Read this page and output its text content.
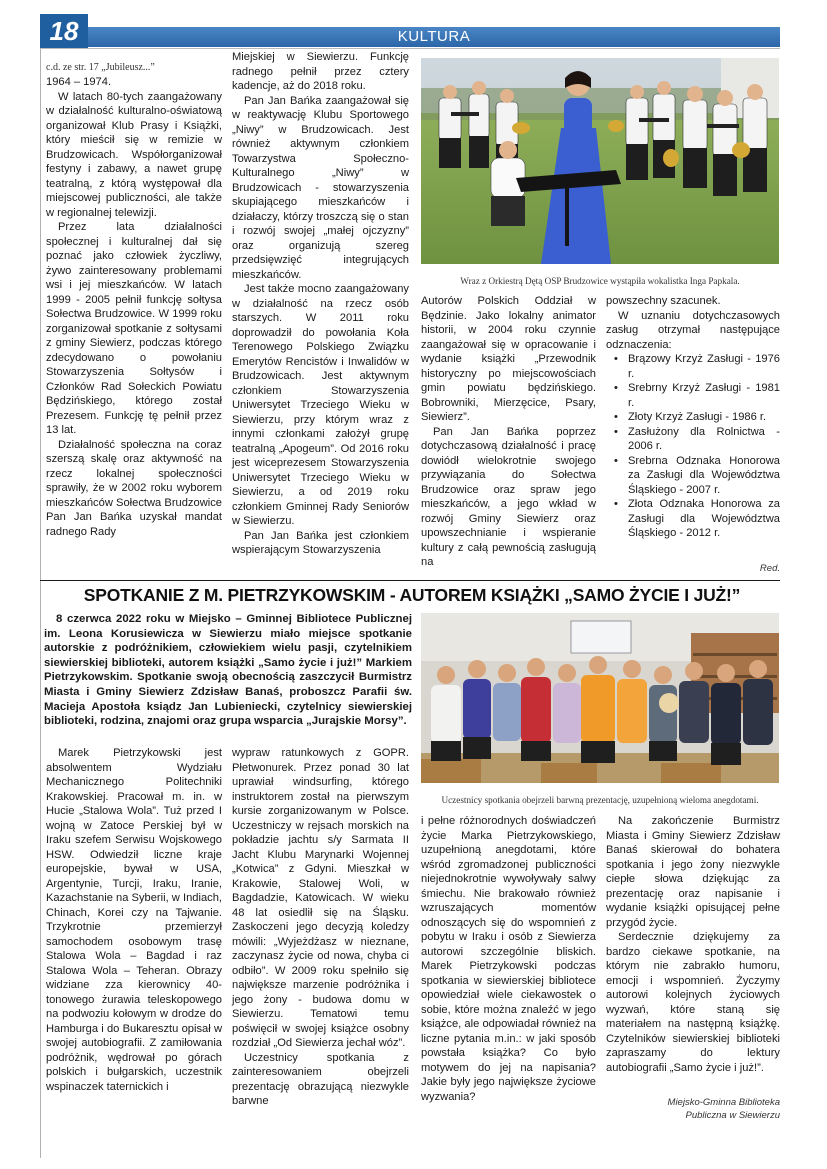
18	KULTURA
c.d. ze str. 17 „Jubileusz...”

1964 – 1974.

W latach 80-tych zaangażowany w działalność kulturalno-oświatową organizował Klub Prasy i Książki, który mieścił się w remizie w Brudzowicach. Współorganizował festyny i zabawy, a nawet grupę teatralną, z którą występował dla miejscowej publiczności, ale także w regionalnej telewizji.

Przez lata działalności społecznej i kulturalnej dał się poznać jako człowiek życzliwy, żywo zainteresowany problemami wsi i jej mieszkańców. W latach 1999 - 2005 pełnił funkcję sołtysa Sołectwa Brudzowice. W 1999 roku zorganizował spotkanie z sołtysami z gminy Siewierz, podczas którego zdecydowano o powołaniu Stowarzyszenia Sołtysów i Członków Rad Sołeckich Powiatu Będzińskiego, którego został Prezesem. Funkcję tę pełnił przez 13 lat.

Działalność społeczna na coraz szerszą skalę oraz aktywność na rzecz lokalnej społeczności sprawiły, że w 2002 roku wyborem mieszkańców Sołectwa Brudzowice Pan Jan Bańka uzyskał mandat radnego Rady

Miejskiej w Siewierzu. Funkcję radnego pełnił przez cztery kadencje, aż do 2018 roku.

Pan Jan Bańka zaangażował się w reaktywację Klubu Sportowego „Niwy” w Brudzowicach. Jest również aktywnym członkiem Towarzystwa Społeczno-Kulturalnego „Niwy” w Brudzowicach - stowarzyszenia skupiającego mieszkańców i działaczy, którzy troszczą się o stan i rozwój swojej „małej ojczyzny” oraz organizują szereg przedsięwzięć integrujących mieszkańców.

Jest także mocno zaangażowany w działalność na rzecz osób starszych. W 2011 roku doprowadził do powołania Koła Terenowego Polskiego Związku Emerytów Rencistów i Inwalidów w Brudzowicach. Jest aktywnym członkiem Stowarzyszenia Uniwersytet Trzeciego Wieku w Siewierzu, przy którym wraz z innymi członkami założył grupę teatralną „Apogeum”. Od 2016 roku jest wiceprezesem Stowarzyszenia Uniwersytet Trzeciego Wieku w Siewierzu, a od 2019 roku członkiem Gminnej Rady Seniorów w Siewierzu.

Pan Jan Bańka jest członkiem wspierającym Stowarzyszenia

Wraz z Orkiestrą Dętą OSP Brudzowice wystąpiła wokalistka Inga Papkala.

Autorów Polskich Oddział w Będzinie. Jako lokalny animator historii, w 2004 roku czynnie zaangażował się w opracowanie i wydanie książki „Przewodnik historyczny po miejscowościach gmin powiatu będzińskiego. Bobrowniki, Mierzęcice, Psary, Siewierz”.

Pan Jan Bańka poprzez dotychczasową działalność i pracę dowiódł wielokrotnie swojego przywiązania do Sołectwa Brudzowice oraz spraw jego mieszkańców, a jego wkład w rozwój Gminy Siewierz oraz upowszechnianie i wspieranie kultury z całą pewnością zasługują na

powszechny szacunek.

W uznaniu dotychczasowych zasług otrzymał następujące odznaczenia:

• Brązowy Krzyż Zasługi - 1976 r.
• Srebrny Krzyż Zasługi - 1981 r.
• Złoty Krzyż Zasługi - 1986 r.
• Zasłużony dla Rolnictwa - 2006 r.
• Srebrna Odznaka Honorowa za Zasługi dla Województwa Śląskiego - 2007 r.
• Złota Odznaka Honorowa za Zasługi dla Województwa Śląskiego - 2012 r.
Red.
SPOTKANIE Z M. PIETRZYKOWSKIM - AUTOREM KSIĄŻKI „SAMO ŻYCIE I JUŻ!”

8 czerwca 2022 roku w Miejsko – Gminnej Bibliotece Publicznej im. Leona Korusiewicza w Siewierzu miało miejsce spotkanie autorskie z podróżnikiem, człowiekiem wielu pasji, czytelnikiem siewierskiej biblioteki, autorem książki „Samo życie i już!” Markiem Pietrzykowskim. Spotkanie swoją obecnością zaszczycił Burmistrz Miasta i Gminy Siewierz Zdzisław Banaś, proboszcz Parafii św. Macieja Apostoła ksiądz Jan Lubieniecki, czytelnicy siewierskiej biblioteki, rodzina, znajomi oraz grupa wsparcia „Jurajskie Morsy”.

Marek Pietrzykowski jest absolwentem Wydziału Mechanicznego Politechniki Krakowskiej. Pracował m. in. w Hucie „Stalowa Wola”. Tuż przed I wojną w Zatoce Perskiej był w Iraku szefem Serwisu Wojskowego HSW. Odwiedził liczne kraje europejskie, bywał w USA, Argentynie, Turcji, Iraku, Iranie, Kazachstanie na Syberii, w Indiach, Chinach, Korei czy na Tajwanie. Trzykrotnie przemierzył samochodem osobowym trasę Stalowa Wola – Bagdad i raz Stalowa Wola – Teheran. Obrazy widziane zza kierownicy 40-tonowego żurawia teleskopowego na podwoziu kołowym w drodze do Hamburga i do Bukaresztu opisał w swojej autobiografii. Z zamiłowania podróżnik, wędrował po górach polskich i bułgarskich, uczestnik wspinaczek taternickich i

wypraw ratunkowych z GOPR. Płetwonurek. Przez ponad 30 lat uprawiał windsurfing, którego instruktorem został na pierwszym kursie zorganizowanym w Polsce. Uczestniczy w rejsach morskich na pokładzie jachtu s/y Sarmata II Jacht Klubu Marynarki Wojennej „Kotwica” z Gdyni. Mieszkał w Krakowie, Stalowej Woli, w Bagdadzie, Katowicach. W wieku 48 lat osiedlił się na Śląsku. Zaskoczeni jego decyzją koledzy mówili: „Wyjeżdżasz w nieznane, zaczynasz życie od nowa, chyba ci odbiło”. W 2009 roku spełniło się największe marzenie podróżnika i jego żony - budowa domu w Siewierzu. Tematowi temu poświęcił w swojej książce osobny rozdział „Od Siewierza jechał wóz”.

Uczestnicy spotkania z zainteresowaniem obejrzeli prezentację obrazującą niezwykle barwne

Uczestnicy spotkania obejrzeli barwną prezentację, uzupełnioną wieloma anegdotami.

i pełne różnorodnych doświadczeń życie Marka Pietrzykowskiego, uzupełnioną anegdotami, które wśród zgromadzonej publiczności niejednokrotnie wywoływały salwy śmiechu. Nie brakowało również wzruszających momentów odnoszących się do wspomnień z pobytu w Iraku i osób z Siewierza autorowi szczególnie bliskich. Marek Pietrzykowski podczas spotkania w siewierskiej bibliotece opowiedział wiele ciekawostek o sobie, które można znaleźć w jego książce, ale odpowiadał również na liczne pytania m.in.: w jaki sposób powstała książka? Co było motywem do jej na napisania? Jakie były jego największe życiowe wyzwania?

Na zakończenie Burmistrz Miasta i Gminy Siewierz Zdzisław Banaś skierował do bohatera spotkania i jego żony niezwykle ciepłe słowa dziękując za prezentację oraz napisanie i wydanie książki opisującej pełne przygód życie.

Serdecznie dziękujemy za bardzo ciekawe spotkanie, na którym nie zabrakło humoru, emocji i wspomnień. Życzymy autorowi kolejnych życiowych wyzwań, które staną się materiałem na następną książkę. Czytelników siewierskiej biblioteki zapraszamy do lektury autobiografii „Samo życie i już!”.

Miejsko-Gminna Biblioteka
Publiczna w Siewierzu
